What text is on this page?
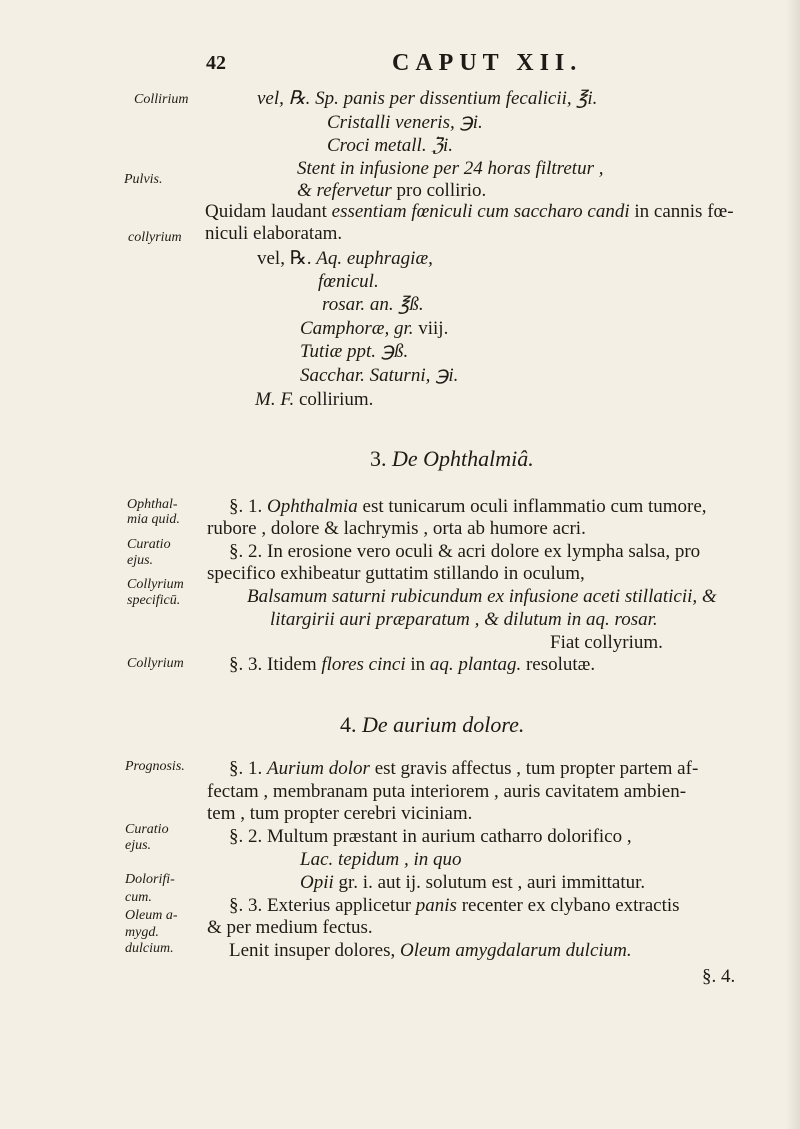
42	CAPUT XII.
Collirium
Pulvis.
collyrium
Ophthal-
mia quid.
Curatio
ejus.
Collyrium
specificū.
Collyrium
Prognosis.
Curatio
ejus.
Dolorifi-
cum.
Oleum a-
mygd.
dulcium.
vel, ℞. Sp. panis per dissentium fecalicii, ℥i.
Cristalli veneris, ℈i.
Croci metall. ℨi.
Stent in infusione per 24 horas filtretur ,
& refervetur pro collirio.
Quidam laudant essentiam fœniculi cum saccharo candi in cannis fœ-
niculi elaboratam.
vel, ℞. Aq. euphragiæ,
fœnicul.
rosar. an. ℥ß.
Camphoræ, gr. viij.
Tutiæ ppt. ℈ß.
Sacchar. Saturni, ℈i.
M. F. collirium.
3. De Ophthalmiâ.
§. 1. Ophthalmia est tunicarum oculi inflammatio cum tumore,
rubore , dolore & lachrymis , orta ab humore acri.
§. 2. In erosione vero oculi & acri dolore ex lympha salsa, pro
specifico exhibeatur guttatim stillando in oculum,
Balsamum saturni rubicundum ex infusione aceti stillaticii, &
litargirii auri præparatum , & dilutum in aq. rosar.
Fiat collyrium.
§. 3. Itidem flores cinci in aq. plantag. resolutæ.
4. De aurium dolore.
§. 1. Aurium dolor est gravis affectus , tum propter partem af-
fectam , membranam puta interiorem , auris cavitatem ambien-
tem , tum propter cerebri viciniam.
§. 2. Multum præstant in aurium catharro dolorifico ,
Lac. tepidum , in quo
Opii gr. i. aut ij. solutum est , auri immittatur.
§. 3. Exterius applicetur panis recenter ex clybano extractis
& per medium fectus.
Lenit insuper dolores, Oleum amygdalarum dulcium.
§. 4.
